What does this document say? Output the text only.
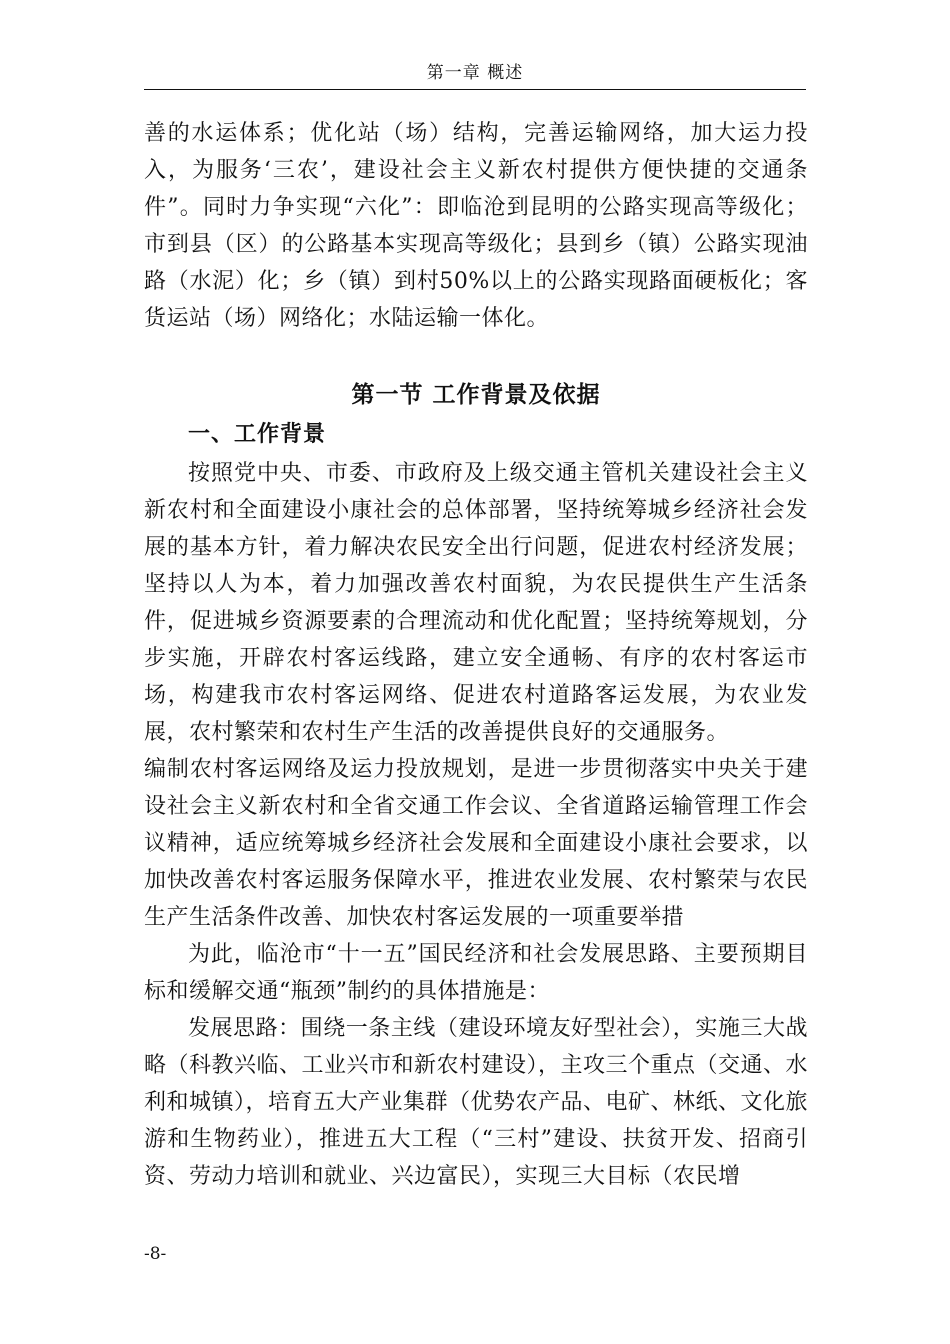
第一章 概述

善的水运体系；优化站（场）结构，完善运输网络，加大运力投入，为服务‘三农’，建设社会主义新农村提供方便快捷的交通条件”。同时力争实现“六化”：即临沧到昆明的公路实现高等级化；市到县（区）的公路基本实现高等级化；县到乡（镇）公路实现油路（水泥）化；乡（镇）到村50%以上的公路实现路面硬板化；客货运站（场）网络化；水陆运输一体化。

第一节 工作背景及依据
一、工作背景

按照党中央、市委、市政府及上级交通主管机关建设社会主义新农村和全面建设小康社会的总体部署，坚持统筹城乡经济社会发展的基本方针，着力解决农民安全出行问题，促进农村经济发展；坚持以人为本，着力加强改善农村面貌，为农民提供生产生活条件，促进城乡资源要素的合理流动和优化配置；坚持统筹规划，分步实施，开辟农村客运线路，建立安全通畅、有序的农村客运市场，构建我市农村客运网络、促进农村道路客运发展，为农业发展，农村繁荣和农村生产生活的改善提供良好的交通服务。

编制农村客运网络及运力投放规划，是进一步贯彻落实中央关于建设社会主义新农村和全省交通工作会议、全省道路运输管理工作会议精神，适应统筹城乡经济社会发展和全面建设小康社会要求，以加快改善农村客运服务保障水平，推进农业发展、农村繁荣与农民生产生活条件改善、加快农村客运发展的一项重要举措

为此，临沧市“十一五”国民经济和社会发展思路、主要预期目标和缓解交通“瓶颈”制约的具体措施是：

发展思路：围绕一条主线（建设环境友好型社会），实施三大战略（科教兴临、工业兴市和新农村建设），主攻三个重点（交通、水利和城镇），培育五大产业集群（优势农产品、电矿、林纸、文化旅游和生物药业），推进五大工程（“三村”建设、扶贫开发、招商引资、劳动力培训和就业、兴边富民），实现三大目标（农民增

-8-
